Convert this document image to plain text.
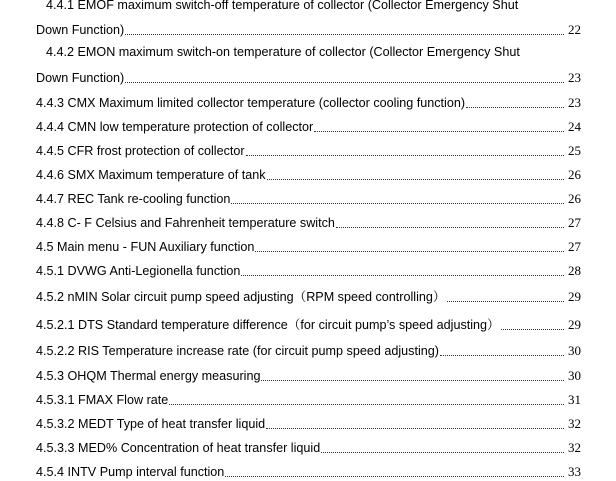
4.4.1 EMOF maximum switch-off temperature of collector (Collector Emergency Shut
Down Function)	22
4.4.2 EMON maximum switch-on temperature of collector (Collector Emergency Shut
Down Function)	23
4.4.3 CMX Maximum limited collector temperature (collector cooling function)	23
4.4.4 CMN low temperature protection of collector	24
4.4.5 CFR frost protection of collector	25
4.4.6 SMX Maximum temperature of tank	26
4.4.7 REC Tank re-cooling function	26
4.4.8 C- F Celsius and Fahrenheit temperature switch	27
4.5 Main menu - FUN Auxiliary function	27
4.5.1 DVWG Anti-Legionella function	28
4.5.2 nMIN Solar circuit pump speed adjusting（RPM speed controlling）	29
4.5.2.1 DTS Standard temperature difference（for circuit pump’s speed adjusting）	29
4.5.2.2 RIS Temperature increase rate (for circuit pump speed adjusting)	30
4.5.3 OHQM Thermal energy measuring	30
4.5.3.1 FMAX Flow rate	31
4.5.3.2 MEDT Type of heat transfer liquid	32
4.5.3.3 MED% Concentration of heat transfer liquid	32
4.5.4 INTV Pump interval function	33
